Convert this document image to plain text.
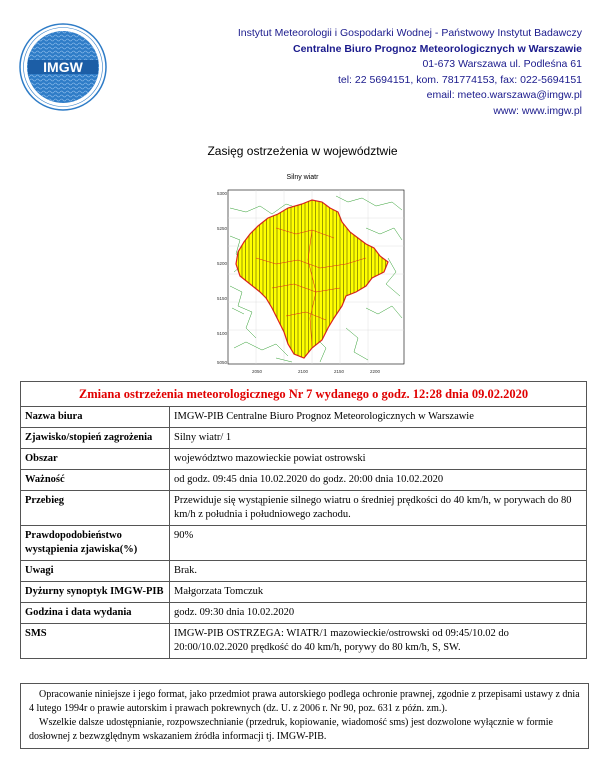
IMGW
Instytut Meteorologii i Gospodarki Wodnej - Państwowy Instytut Badawczy
Centralne Biuro Prognoz Meteorologicznych w Warszawie
01-673 Warszawa ul. Podleśna 61
tel: 22 5694151, kom. 781774153, fax: 022-5694151
email: meteo.warszawa@imgw.pl
www: www.imgw.pl
Zasięg ostrzeżenia w województwie
Silny wiatr
5300
5250
5200
5150
5100
5050
2050	2100	2150	2200
Zmiana ostrzeżenia meteorologicznego Nr 7 wydanego o godz. 12:28 dnia 09.02.2020	
Nazwa biura	IMGW-PIB Centralne Biuro Prognoz Meteorologicznych w Warszawie
Zjawisko/stopień zagrożenia	Silny wiatr/ 1
Obszar	województwo mazowieckie powiat ostrowski
Ważność	od godz. 09:45 dnia 10.02.2020 do godz. 20:00 dnia 10.02.2020
Przebieg	Przewiduje się wystąpienie silnego wiatru o średniej prędkości do 40 km/h, w porywach do 80 km/h z południa i południowego zachodu.
Prawdopodobieństwo wystąpienia zjawiska(%)	90%
Uwagi	Brak.
Dyżurny synoptyk IMGW-PIB	Małgorzata Tomczuk
Godzina i data wydania	godz. 09:30 dnia 10.02.2020
SMS	IMGW-PIB OSTRZEGA: WIATR/1 mazowieckie/ostrowski od 09:45/10.02 do 20:00/10.02.2020 prędkość do 40 km/h, porywy do 80 km/h, S, SW.

Opracowanie niniejsze i jego format, jako przedmiot prawa autorskiego podlega ochronie prawnej, zgodnie z przepisami ustawy z dnia 4 lutego 1994r o prawie autorskim i prawach pokrewnych (dz. U. z 2006 r. Nr 90, poz. 631 z późn. zm.).

Wszelkie dalsze udostępnianie, rozpowszechnianie (przedruk, kopiowanie, wiadomość sms) jest dozwolone wyłącznie w formie dosłownej z bezwzględnym wskazaniem źródła informacji tj. IMGW-PIB.
